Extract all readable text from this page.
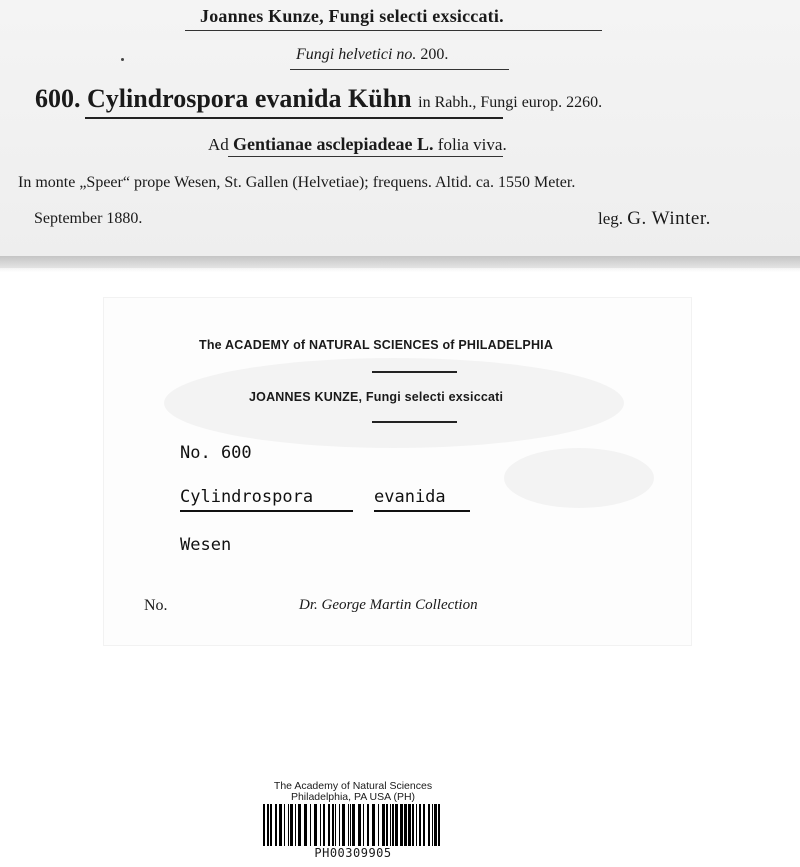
Joannes Kunze, Fungi selecti exsiccati.
Fungi helvetici no. 200.
600. Cylindrospora evanida Kühn in Rabh., Fungi europ. 2260.
Ad Gentianae asclepiadeae L. folia viva.
In monte „Speer“ prope Wesen, St. Gallen (Helvetiae); frequens. Altid. ca. 1550 Meter.
September 1880.	leg. G. Winter.
The ACADEMY of NATURAL SCIENCES of PHILADELPHIA
JOANNES KUNZE, Fungi selecti exsiccati
No. 600
Cylindrospora	evanida
Wesen
No.	Dr. George Martin Collection
The Academy of Natural Sciences
Philadelphia, PA USA (PH)
PH00309905
